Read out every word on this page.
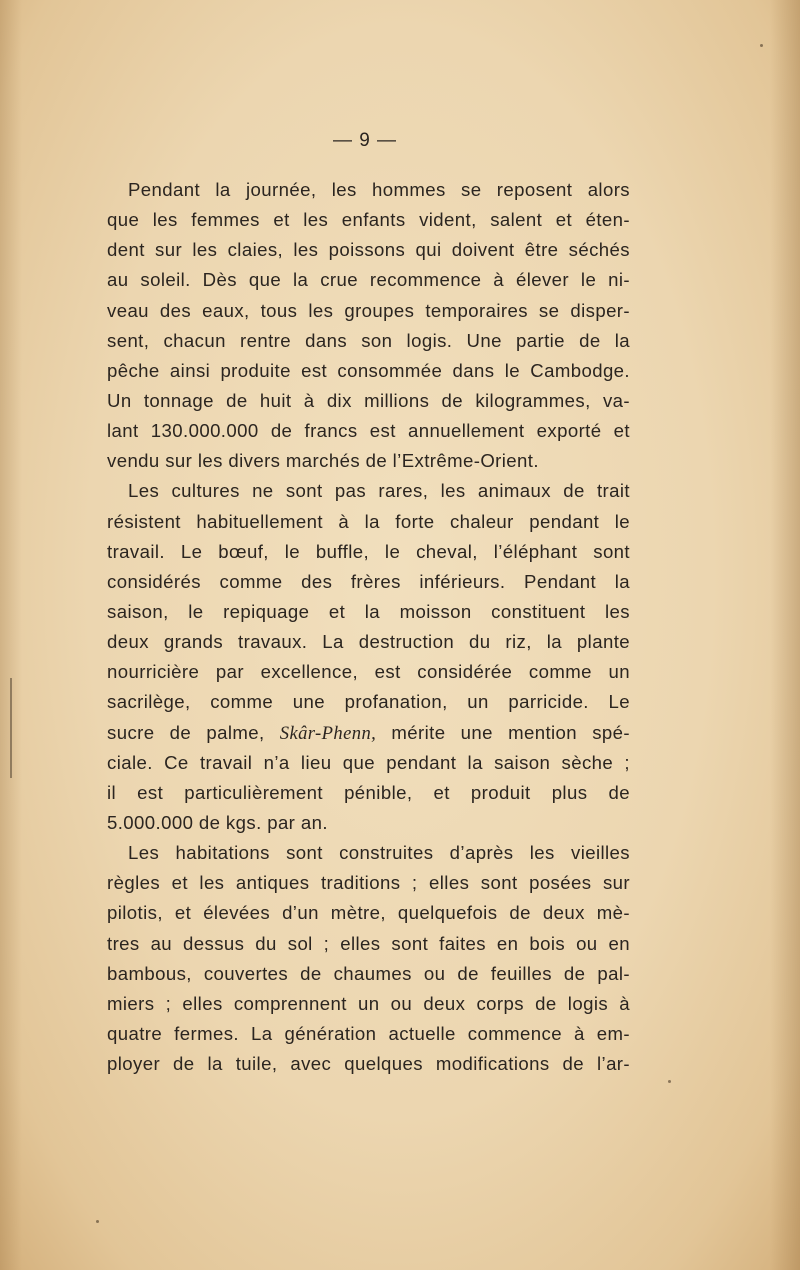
— 9 —
Pendant la journée, les hommes se reposent alors
que les femmes et les enfants vident, salent et éten-
dent sur les claies, les poissons qui doivent être séchés
au soleil. Dès que la crue recommence à élever le ni-
veau des eaux, tous les groupes temporaires se disper-
sent, chacun rentre dans son logis. Une partie de la
pêche ainsi produite est consommée dans le Cambodge.
Un tonnage de huit à dix millions de kilogrammes, va-
lant 130.000.000 de francs est annuellement exporté et
vendu sur les divers marchés de l’Extrême-Orient.
Les cultures ne sont pas rares, les animaux de trait
résistent habituellement à la forte chaleur pendant le
travail. Le bœuf, le buffle, le cheval, l’éléphant sont
considérés comme des frères inférieurs. Pendant la
saison, le repiquage et la moisson constituent les
deux grands travaux. La destruction du riz, la plante
nourricière par excellence, est considérée comme un
sacrilège, comme une profanation, un parricide. Le
sucre de palme, Skâr-Phenn, mérite une mention spé-
ciale. Ce travail n’a lieu que pendant la saison sèche ;
il est particulièrement pénible, et produit plus de
5.000.000 de kgs. par an.
Les habitations sont construites d’après les vieilles
règles et les antiques traditions ; elles sont posées sur
pilotis, et élevées d’un mètre, quelquefois de deux mè-
tres au dessus du sol ; elles sont faites en bois ou en
bambous, couvertes de chaumes ou de feuilles de pal-
miers ; elles comprennent un ou deux corps de logis à
quatre fermes. La génération actuelle commence à em-
ployer de la tuile, avec quelques modifications de l’ar-
